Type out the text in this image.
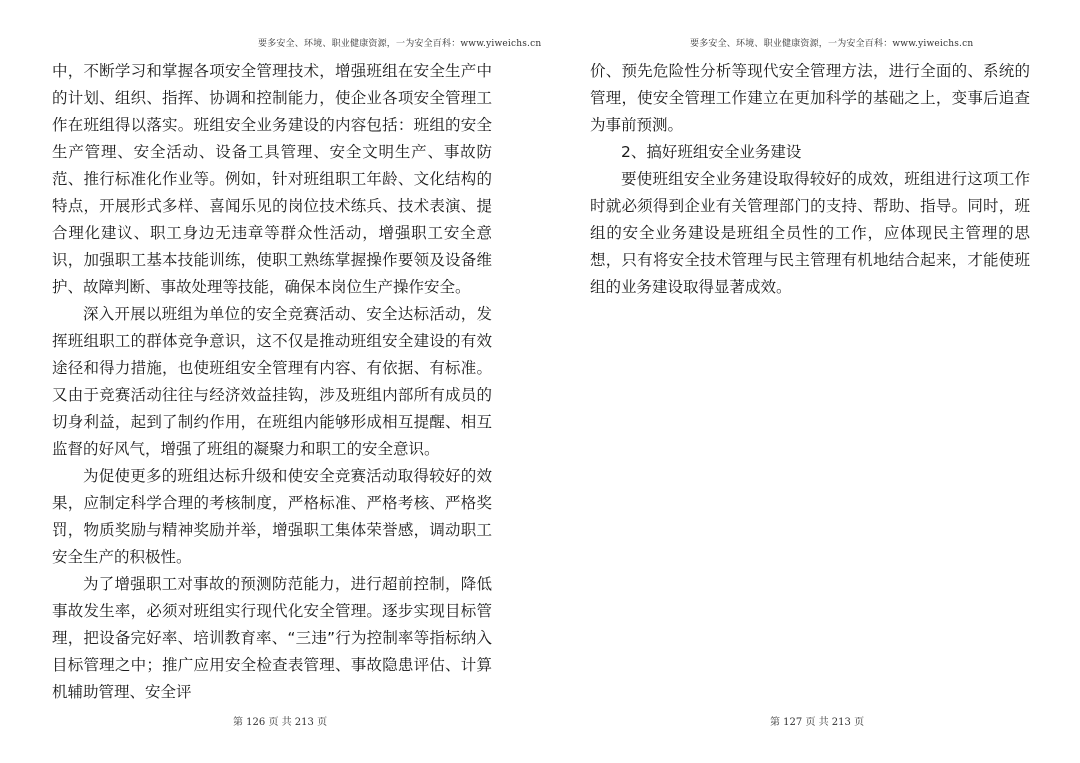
要多安全、环境、职业健康资源，一为安全百科：www.yiweichs.cn

中，不断学习和掌握各项安全管理技术，增强班组在安全生产中的计划、组织、指挥、协调和控制能力，使企业各项安全管理工作在班组得以落实。班组安全业务建设的内容包括：班组的安全生产管理、安全活动、设备工具管理、安全文明生产、事故防范、推行标准化作业等。例如，针对班组职工年龄、文化结构的特点，开展形式多样、喜闻乐见的岗位技术练兵、技术表演、提合理化建议、职工身边无违章等群众性活动，增强职工安全意识，加强职工基本技能训练，使职工熟练掌握操作要领及设备维护、故障判断、事故处理等技能，确保本岗位生产操作安全。

深入开展以班组为单位的安全竞赛活动、安全达标活动，发挥班组职工的群体竞争意识，这不仅是推动班组安全建设的有效途径和得力措施，也使班组安全管理有内容、有依据、有标准。又由于竞赛活动往往与经济效益挂钩，涉及班组内部所有成员的切身利益，起到了制约作用，在班组内能够形成相互提醒、相互监督的好风气，增强了班组的凝聚力和职工的安全意识。

为促使更多的班组达标升级和使安全竞赛活动取得较好的效果，应制定科学合理的考核制度，严格标准、严格考核、严格奖罚，物质奖励与精神奖励并举，增强职工集体荣誉感，调动职工安全生产的积极性。

为了增强职工对事故的预测防范能力，进行超前控制，降低事故发生率，必须对班组实行现代化安全管理。逐步实现目标管理，把设备完好率、培训教育率、“三违”行为控制率等指标纳入目标管理之中；推广应用安全检查表管理、事故隐患评估、计算机辅助管理、安全评

第 126 页 共 213 页
要多安全、环境、职业健康资源，一为安全百科：www.yiweichs.cn

价、预先危险性分析等现代安全管理方法，进行全面的、系统的管理，使安全管理工作建立在更加科学的基础之上，变事后追查为事前预测。

2、搞好班组安全业务建设

要使班组安全业务建设取得较好的成效，班组进行这项工作时就必须得到企业有关管理部门的支持、帮助、指导。同时，班组的安全业务建设是班组全员性的工作，应体现民主管理的思想，只有将安全技术管理与民主管理有机地结合起来，才能使班组的业务建设取得显著成效。

第 127 页 共 213 页
